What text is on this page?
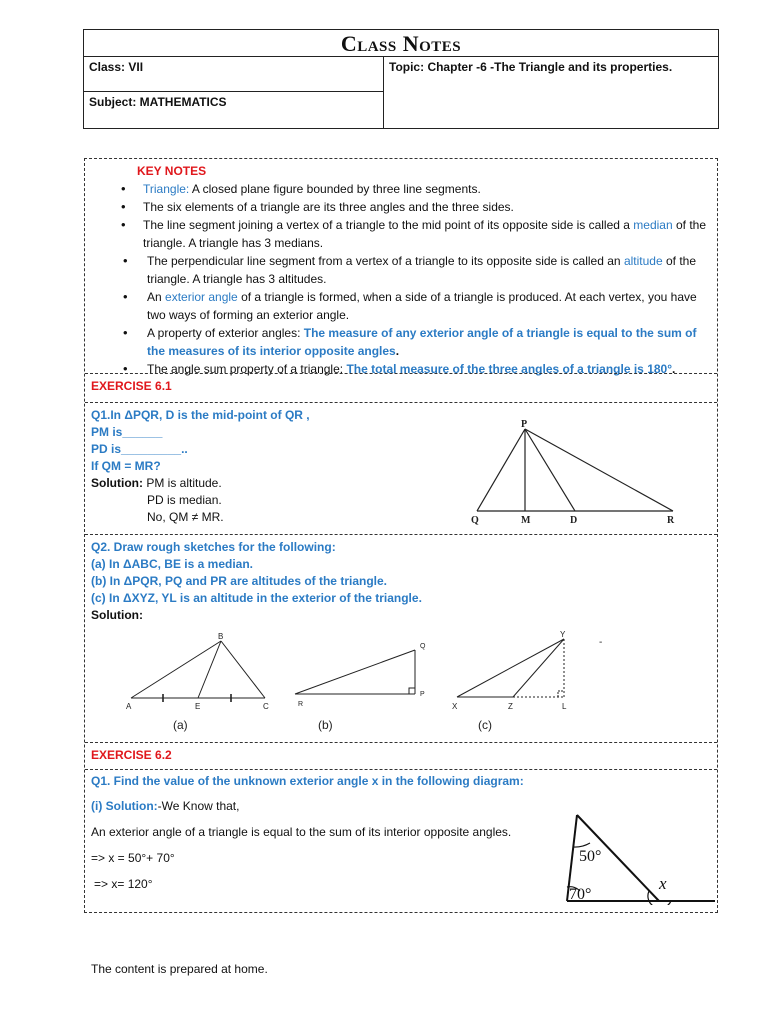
Class Notes
Class: VII	Topic: Chapter -6 -The Triangle and its properties.
Subject: MATHEMATICS
KEY NOTES
• Triangle: A closed plane figure bounded by three line segments.
• The six elements of a triangle are its three angles and the three sides.
• The line segment joining a vertex of a triangle to the mid point of its opposite side is called a median of the triangle. A triangle has 3 medians.
• The perpendicular line segment from a vertex of a triangle to its opposite side is called an altitude of the triangle. A triangle has 3 altitudes.
• An exterior angle of a triangle is formed, when a side of a triangle is produced. At each vertex, you have two ways of forming an exterior angle.
• A property of exterior angles: The measure of any exterior angle of a triangle is equal to the sum of the measures of its interior opposite angles.
• The angle sum property of a triangle: The total measure of the three angles of a triangle is 180°.
EXERCISE 6.1
Q1.In ΔPQR, D is the mid-point of QR ,
PM is______
PD is_________..
If QM = MR?
Solution: PM is altitude.
PD is median.
No, QM ≠ MR.
P
Q	M	D	R
Q2. Draw rough sketches for the following:
(a) In ΔABC, BE is a median.
(b) In ΔPQR, PQ and PR are altitudes of the triangle.
(c) In ΔXYZ, YL is an altitude in the exterior of the triangle.
Solution:
B
A	E	C
(a)
Q
R
P
(b)
Y
X	Z	L
(c)
-
EXERCISE 6.2
Q1. Find the value of the unknown exterior angle x in the following diagram:
(i) Solution:-We Know that,
An exterior angle of a triangle is equal to the sum of its interior opposite angles.
=> x = 50°+ 70°
=> x= 120°
50°
70°
x
The content is prepared at home.
